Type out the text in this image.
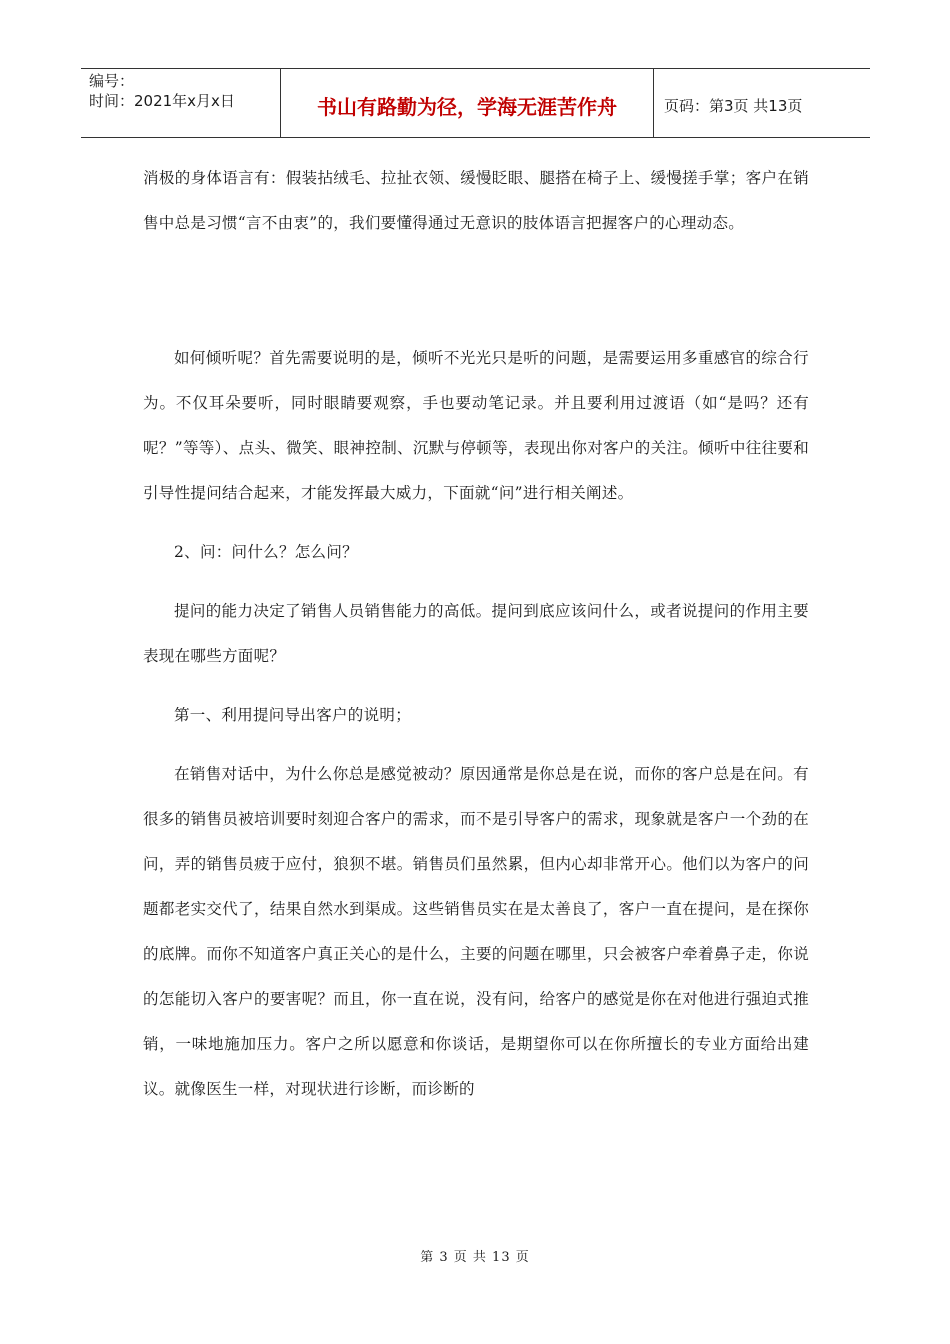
编号：
时间：2021年x月x日	书山有路勤为径，学海无涯苦作舟	页码：第3页 共13页

消极的身体语言有：假装拈绒毛、拉扯衣领、缓慢眨眼、腿搭在椅子上、缓慢搓手掌；客户在销售中总是习惯“言不由衷”的，我们要懂得通过无意识的肢体语言把握客户的心理动态。

如何倾听呢？首先需要说明的是，倾听不光光只是听的问题，是需要运用多重感官的综合行为。不仅耳朵要听，同时眼睛要观察，手也要动笔记录。并且要利用过渡语（如“是吗？还有呢？”等等）、点头、微笑、眼神控制、沉默与停顿等，表现出你对客户的关注。倾听中往往要和引导性提问结合起来，才能发挥最大威力，下面就“问”进行相关阐述。

2、问：问什么？怎么问？

提问的能力决定了销售人员销售能力的高低。提问到底应该问什么，或者说提问的作用主要表现在哪些方面呢？

第一、利用提问导出客户的说明；

在销售对话中，为什么你总是感觉被动？原因通常是你总是在说，而你的客户总是在问。有很多的销售员被培训要时刻迎合客户的需求，而不是引导客户的需求，现象就是客户一个劲的在问，弄的销售员疲于应付，狼狈不堪。销售员们虽然累，但内心却非常开心。他们以为客户的问题都老实交代了，结果自然水到渠成。这些销售员实在是太善良了，客户一直在提问，是在探你的底牌。而你不知道客户真正关心的是什么，主要的问题在哪里，只会被客户牵着鼻子走，你说的怎能切入客户的要害呢？而且，你一直在说，没有问，给客户的感觉是你在对他进行强迫式推销，一味地施加压力。客户之所以愿意和你谈话，是期望你可以在你所擅长的专业方面给出建议。就像医生一样，对现状进行诊断，而诊断的

第 3 页 共 13 页
